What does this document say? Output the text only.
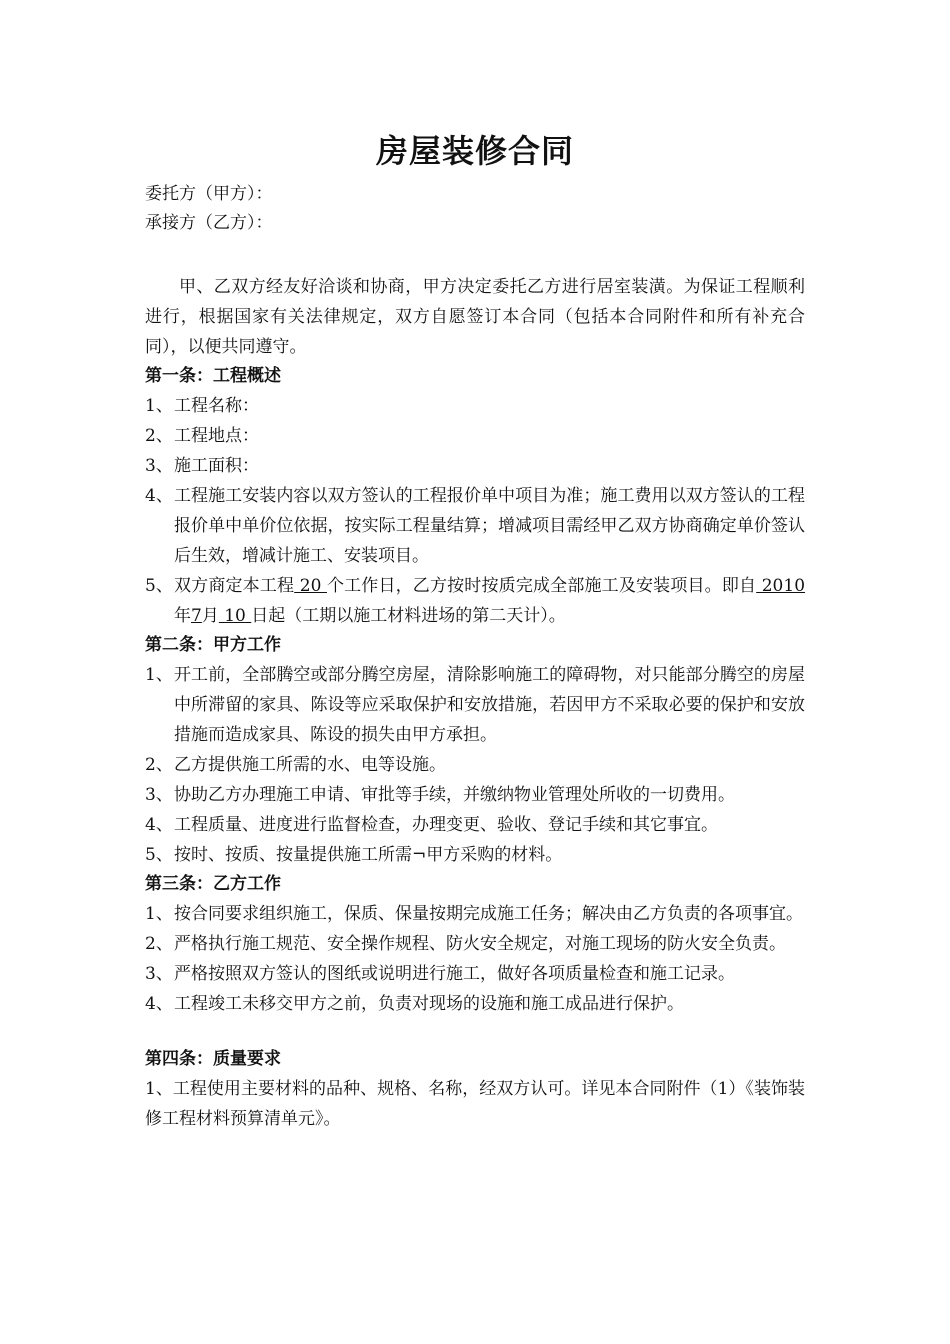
房屋装修合同
委托方（甲方）：
承接方（乙方）：
甲、乙双方经友好洽谈和协商，甲方决定委托乙方进行居室装潢。为保证工程顺利进行，根据国家有关法律规定，双方自愿签订本合同（包括本合同附件和所有补充合同），以便共同遵守。
第一条：工程概述
1、 工程名称：
2、 工程地点：
3、 施工面积：
4、 工程施工安装内容以双方签认的工程报价单中项目为准；施工费用以双方签认的工程报价单中单价位依据，按实际工程量结算；增减项目需经甲乙双方协商确定单价签认后生效，增减计施工、安装项目。
5、 双方商定本工程 20 个工作日，乙方按时按质完成全部施工及安装项目。即自 2010 年7月 10 日起（工期以施工材料进场的第二天计）。
第二条：甲方工作
1、 开工前，全部腾空或部分腾空房屋，清除影响施工的障碍物，对只能部分腾空的房屋中所滞留的家具、陈设等应采取保护和安放措施，若因甲方不采取必要的保护和安放措施而造成家具、陈设的损失由甲方承担。
2、 乙方提供施工所需的水、电等设施。
3、 协助乙方办理施工申请、审批等手续，并缴纳物业管理处所收的一切费用。
4、 工程质量、进度进行监督检查，办理变更、验收、登记手续和其它事宜。
5、 按时、按质、按量提供施工所需¬甲方采购的材料。
第三条：乙方工作
1、 按合同要求组织施工，保质、保量按期完成施工任务；解决由乙方负责的各项事宜。
2、 严格执行施工规范、安全操作规程、防火安全规定，对施工现场的防火安全负责。
3、 严格按照双方签认的图纸或说明进行施工，做好各项质量检查和施工记录。
4、 工程竣工未移交甲方之前，负责对现场的设施和施工成品进行保护。
第四条：质量要求
1、工程使用主要材料的品种、规格、名称，经双方认可。详见本合同附件（1）《装饰装修工程材料预算清单元》。
